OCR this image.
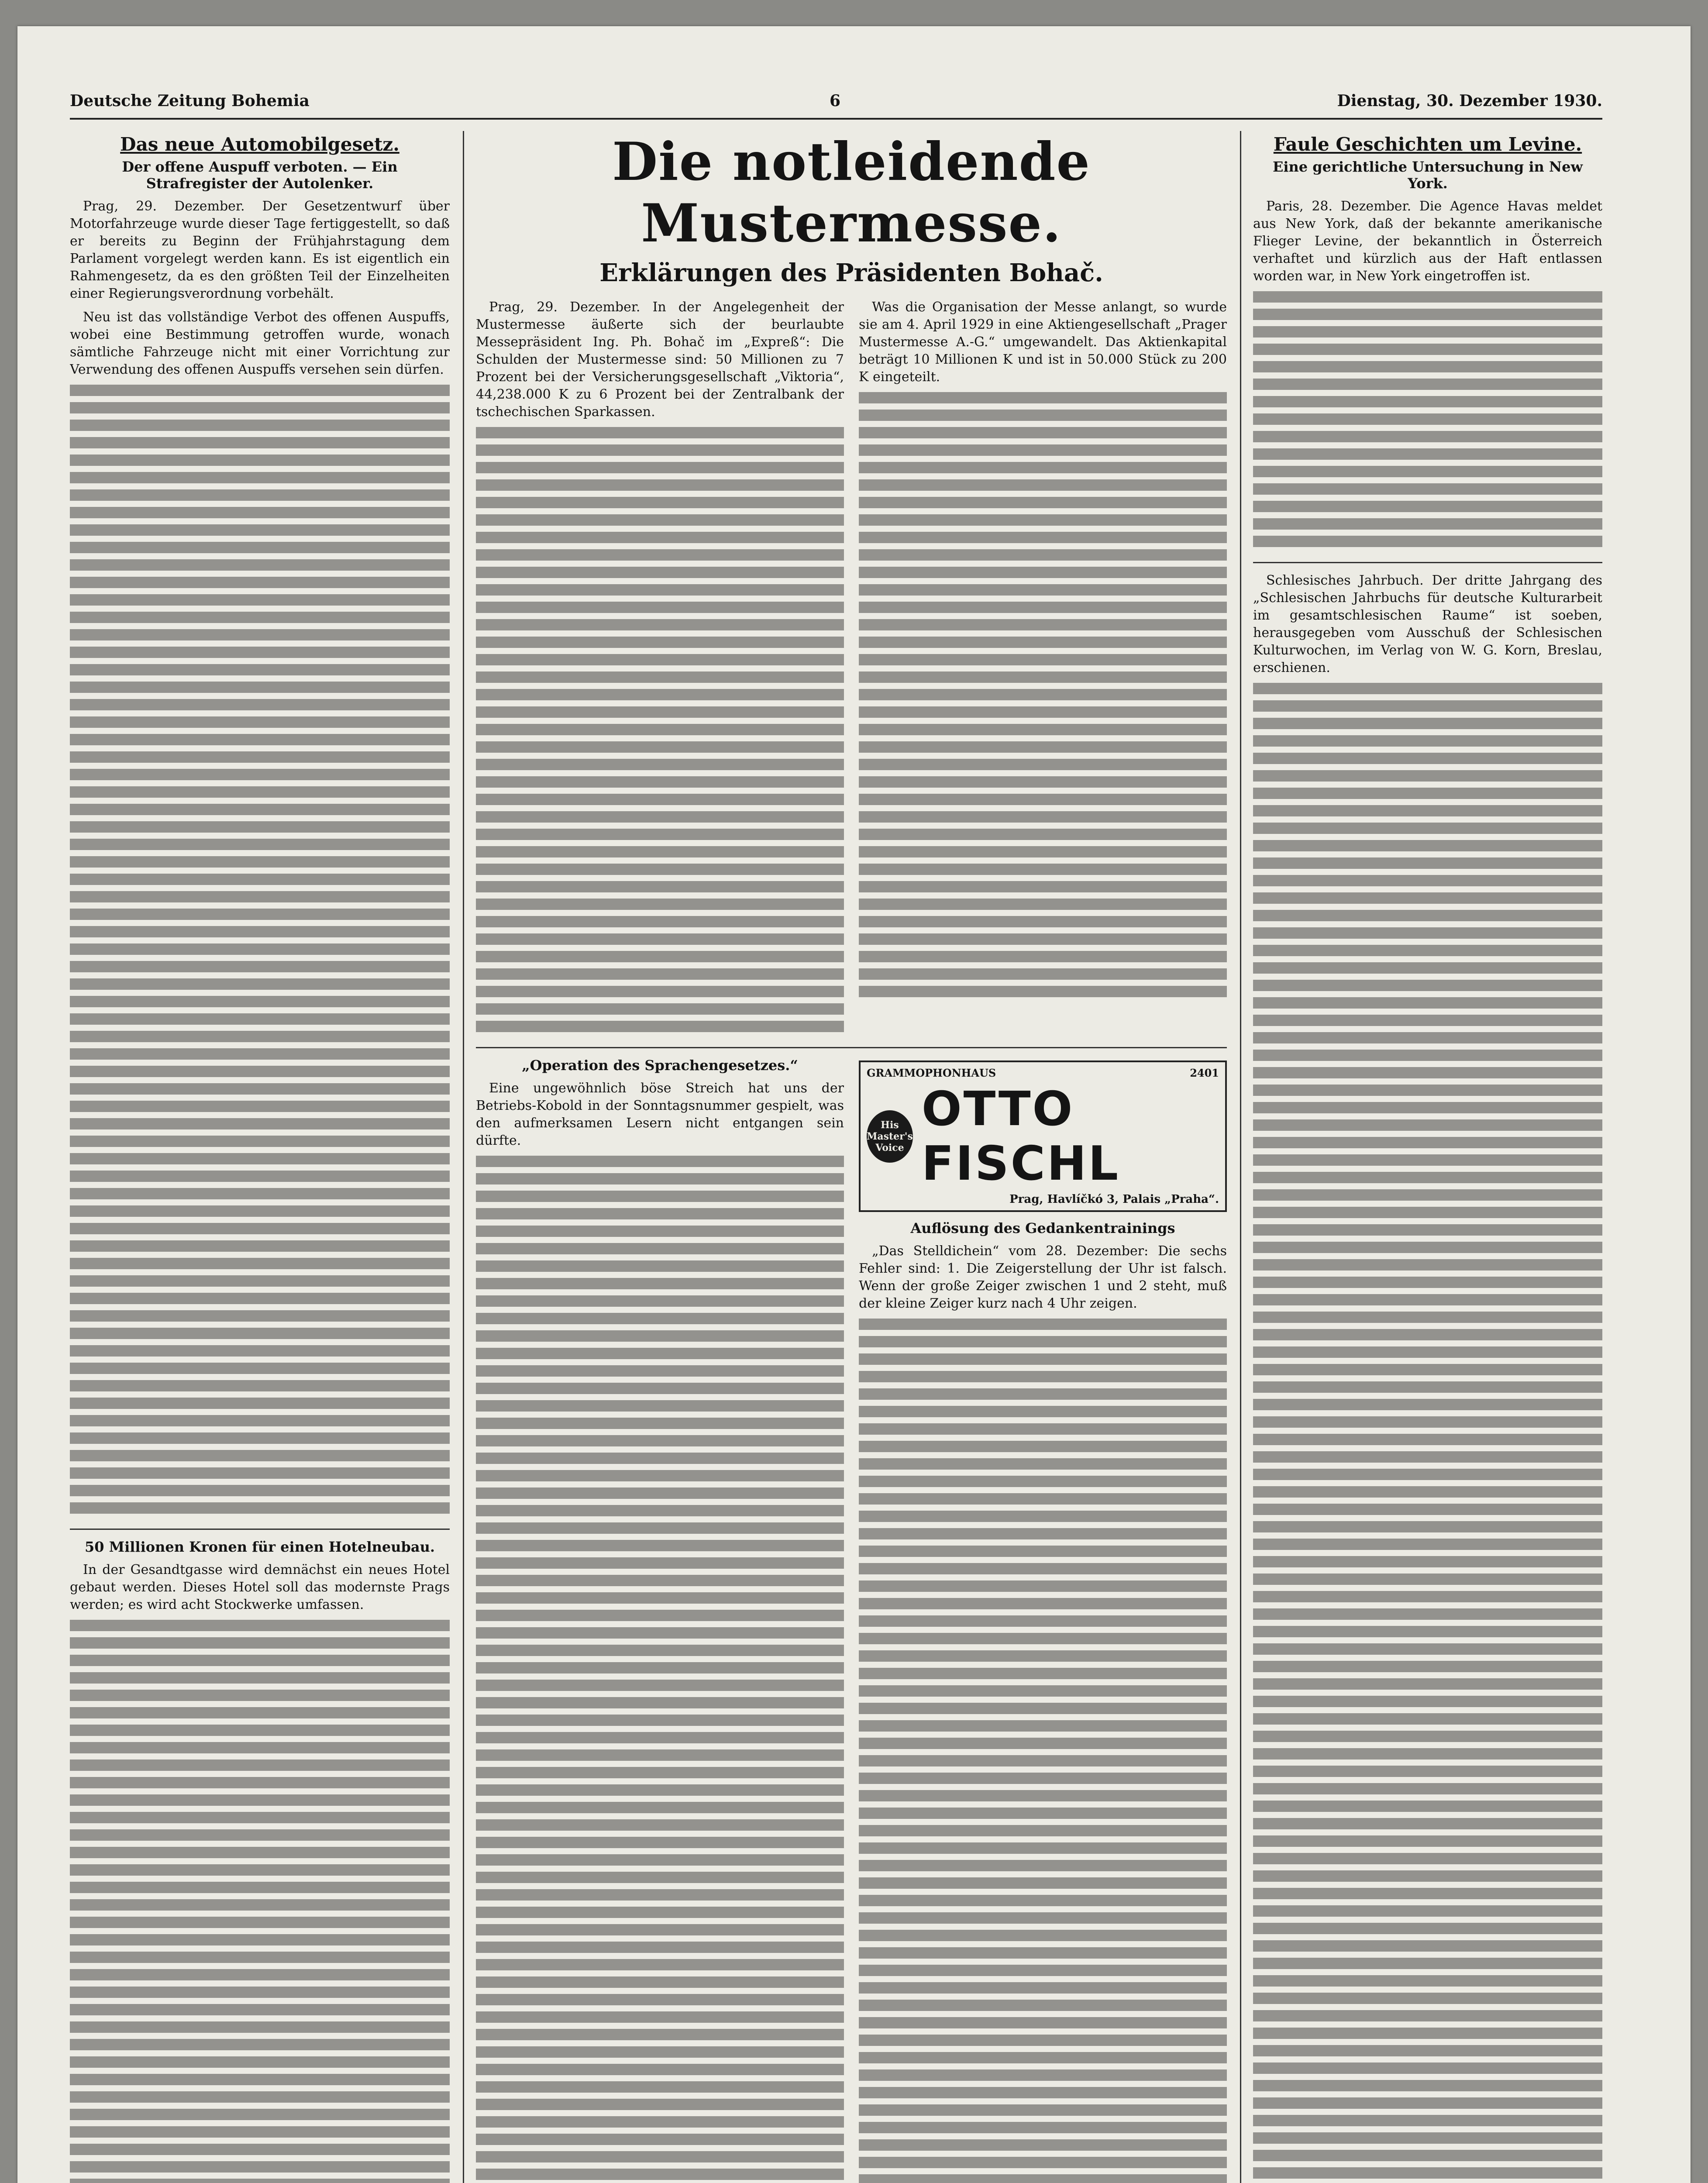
Deutsche Zeitung Bohemia	6	Dienstag, 30. Dezember 1930.
Das neue Automobilgesetz.
Der offene Auspuff verboten. — Ein Strafregister der Autolenker.

Prag, 29. Dezember. Der Gesetzentwurf über Motorfahrzeuge wurde dieser Tage fertiggestellt, so daß er bereits zu Beginn der Frühjahrstagung dem Parlament vorgelegt werden kann. Es ist eigentlich ein Rahmengesetz, da es den größten Teil der Einzelheiten einer Regierungsverordnung vorbehält.

Neu ist das vollständige Verbot des offenen Auspuffs, wobei eine Bestimmung getroffen wurde, wonach sämtliche Fahrzeuge nicht mit einer Vorrichtung zur Verwendung des offenen Auspuffs versehen sein dürfen.

50 Millionen Kronen für einen Hotelneubau.

In der Gesandtgasse wird demnächst ein neues Hotel gebaut werden. Dieses Hotel soll das modernste Prags werden; es wird acht Stockwerke umfassen.

Die notleidende Mustermesse.
Erklärungen des Präsidenten Bohač.

Prag, 29. Dezember. In der Angelegenheit der Mustermesse äußerte sich der beurlaubte Messepräsident Ing. Ph. Bohač im „Expreß“: Die Schulden der Mustermesse sind: 50 Millionen zu 7 Prozent bei der Versicherungsgesellschaft „Viktoria“, 44,238.000 K zu 6 Prozent bei der Zentralbank der tschechischen Sparkassen.

Was die Organisation der Messe anlangt, so wurde sie am 4. April 1929 in eine Aktiengesellschaft „Prager Mustermesse A.-G.“ umgewandelt. Das Aktienkapital beträgt 10 Millionen K und ist in 50.000 Stück zu 200 K eingeteilt.

„Operation des Sprachengesetzes.“

Eine ungewöhnlich böse Streich hat uns der Betriebs-Kobold in der Sonntagsnummer gespielt, was den aufmerksamen Lesern nicht entgangen sein dürfte.

GRAMMOPHONHAUS	2401
His Master's Voice
OTTO FISCHL
Prag, Havlíčkó 3, Palais „Praha“.
Auflösung des Gedankentrainings

„Das Stelldichein“ vom 28. Dezember: Die sechs Fehler sind: 1. Die Zeigerstellung der Uhr ist falsch. Wenn der große Zeiger zwischen 1 und 2 steht, muß der kleine Zeiger kurz nach 4 Uhr zeigen.

Faule Geschichten um Levine.
Eine gerichtliche Untersuchung in New York.

Paris, 28. Dezember. Die Agence Havas meldet aus New York, daß der bekannte amerikanische Flieger Levine, der bekanntlich in Österreich verhaftet und kürzlich aus der Haft entlassen worden war, in New York eingetroffen ist.

Schlesisches Jahrbuch. Der dritte Jahrgang des „Schlesischen Jahrbuchs für deutsche Kulturarbeit im gesamtschlesischen Raume“ ist soeben, herausgegeben vom Ausschuß der Schlesischen Kulturwochen, im Verlag von W. G. Korn, Breslau, erschienen.
